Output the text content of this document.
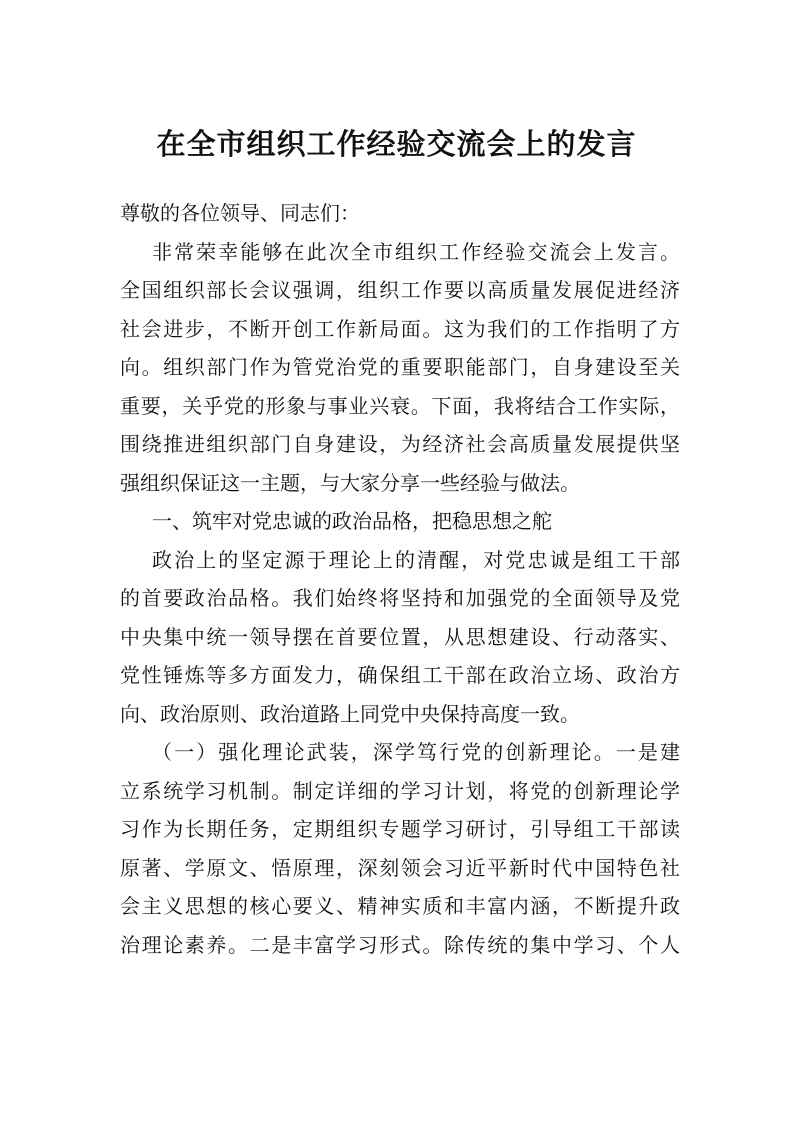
在全市组织工作经验交流会上的发言
尊敬的各位领导、同志们：
非常荣幸能够在此次全市组织工作经验交流会上发言。
全国组织部长会议强调，组织工作要以高质量发展促进经济
社会进步，不断开创工作新局面。这为我们的工作指明了方
向。组织部门作为管党治党的重要职能部门，自身建设至关
重要，关乎党的形象与事业兴衰。下面，我将结合工作实际，
围绕推进组织部门自身建设，为经济社会高质量发展提供坚
强组织保证这一主题，与大家分享一些经验与做法。
一、筑牢对党忠诚的政治品格，把稳思想之舵
政治上的坚定源于理论上的清醒，对党忠诚是组工干部
的首要政治品格。我们始终将坚持和加强党的全面领导及党
中央集中统一领导摆在首要位置，从思想建设、行动落实、
党性锤炼等多方面发力，确保组工干部在政治立场、政治方
向、政治原则、政治道路上同党中央保持高度一致。
（一）强化理论武装，深学笃行党的创新理论。一是建
立系统学习机制。制定详细的学习计划，将党的创新理论学
习作为长期任务，定期组织专题学习研讨，引导组工干部读
原著、学原文、悟原理，深刻领会习近平新时代中国特色社
会主义思想的核心要义、精神实质和丰富内涵，不断提升政
治理论素养。二是丰富学习形式。除传统的集中学习、个人
